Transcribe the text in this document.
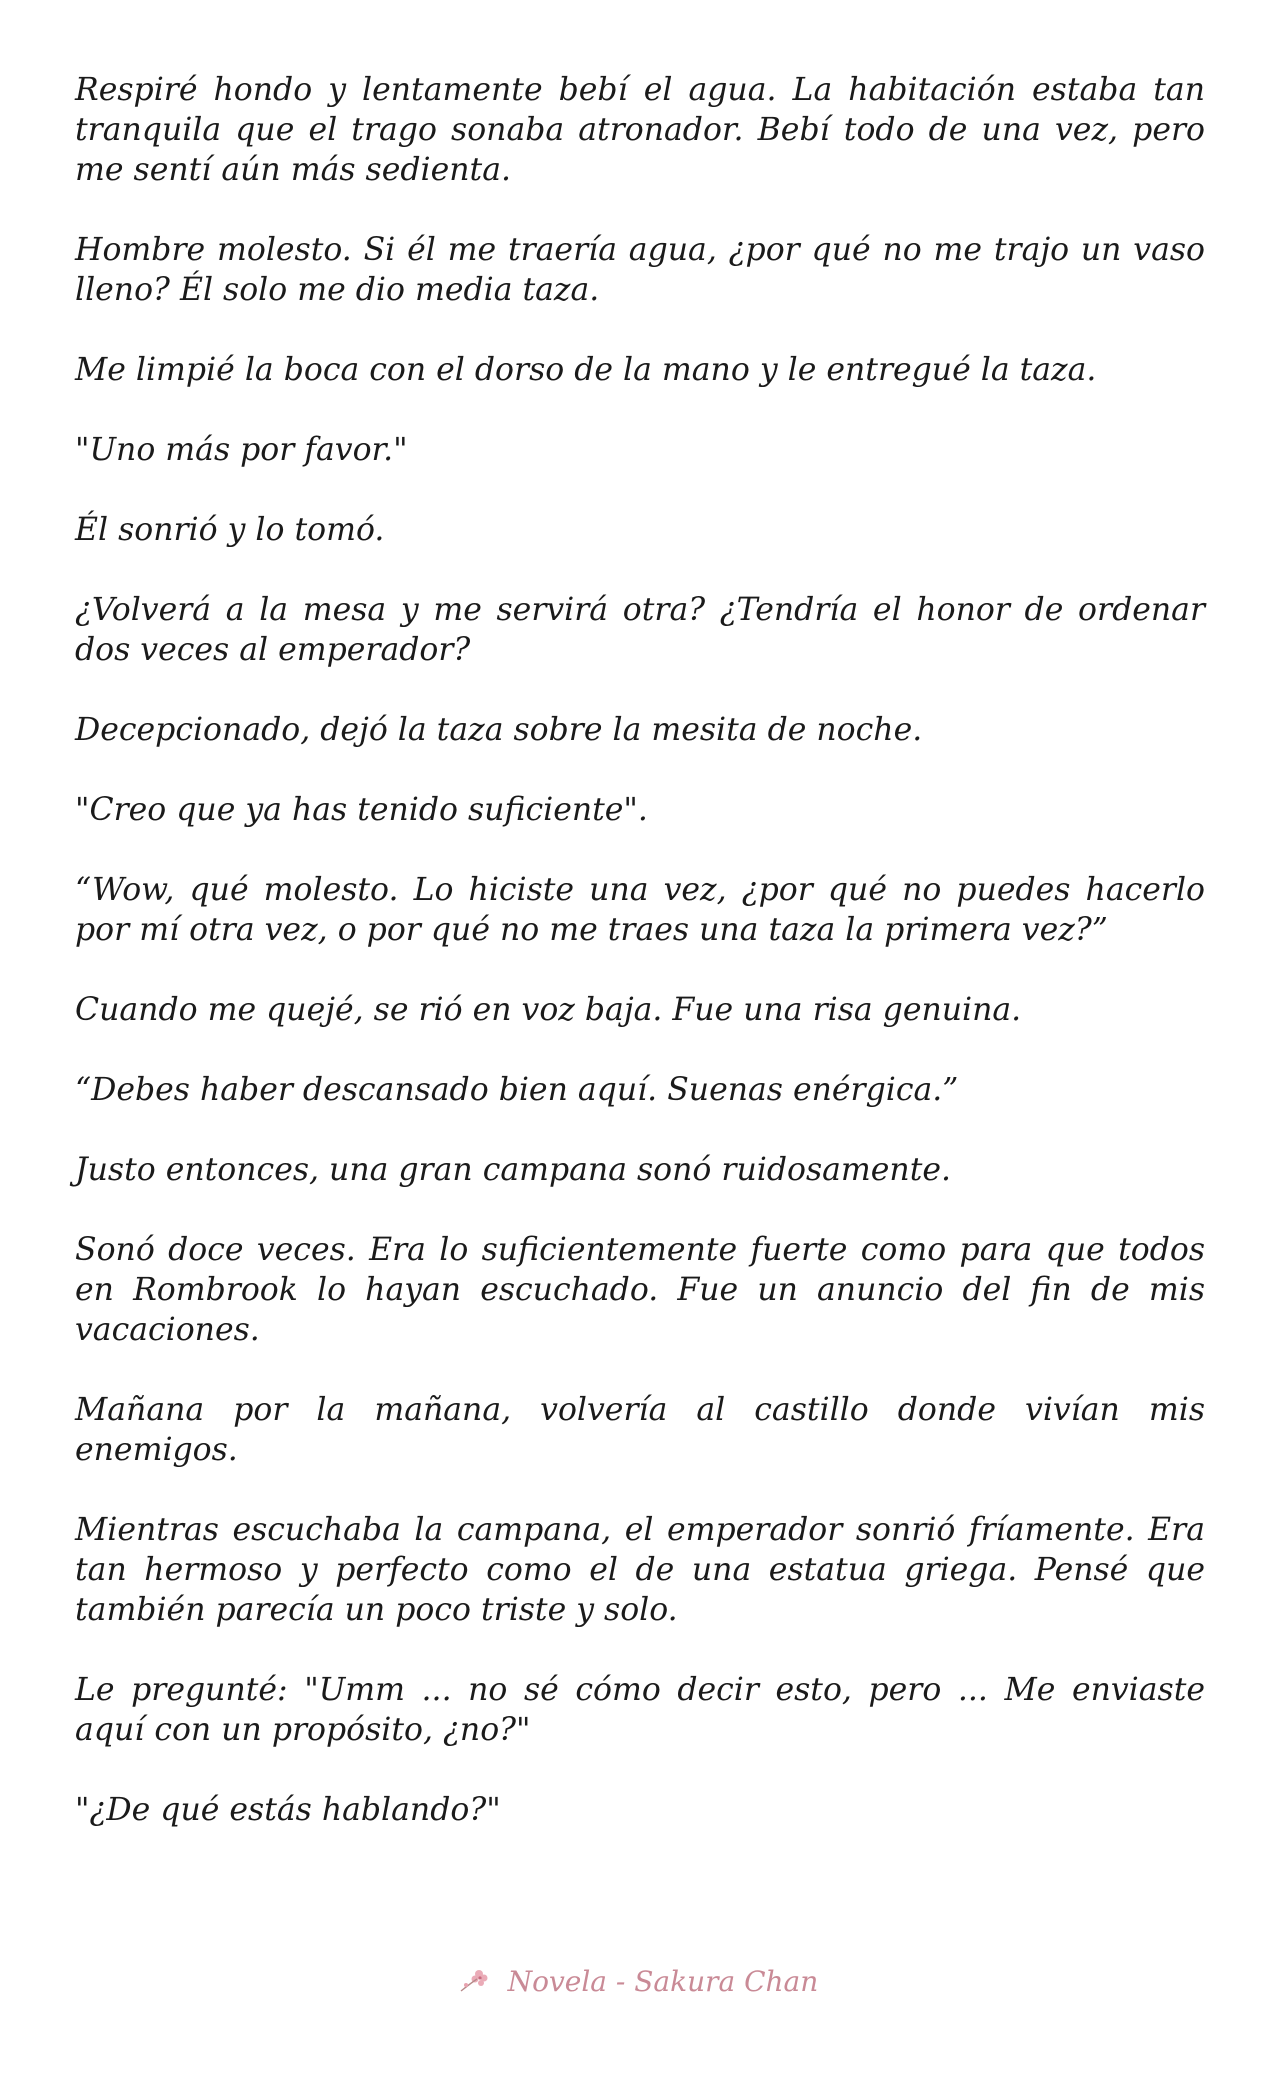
Respiré hondo y lentamente bebí el agua. La habitación estaba tan tranquila que el trago sonaba atronador. Bebí todo de una vez, pero me sentí aún más sedienta.

Hombre molesto. Si él me traería agua, ¿por qué no me trajo un vaso lleno? Él solo me dio media taza.

Me limpié la boca con el dorso de la mano y le entregué la taza.

"Uno más por favor."

Él sonrió y lo tomó.

¿Volverá a la mesa y me servirá otra? ¿Tendría el honor de ordenar dos veces al emperador?

Decepcionado, dejó la taza sobre la mesita de noche.

"Creo que ya has tenido suficiente".

“Wow, qué molesto. Lo hiciste una vez, ¿por qué no puedes hacerlo por mí otra vez, o por qué no me traes una taza la primera vez?”

Cuando me quejé, se rió en voz baja. Fue una risa genuina.

“Debes haber descansado bien aquí. Suenas enérgica.”

Justo entonces, una gran campana sonó ruidosamente.

Sonó doce veces. Era lo suficientemente fuerte como para que todos en Rombrook lo hayan escuchado. Fue un anuncio del fin de mis vacaciones.

Mañana por la mañana, volvería al castillo donde vivían mis enemigos.

Mientras escuchaba la campana, el emperador sonrió fríamente. Era tan hermoso y perfecto como el de una estatua griega. Pensé que también parecía un poco triste y solo.

Le pregunté: "Umm ... no sé cómo decir esto, pero ... Me enviaste aquí con un propósito, ¿no?"

"¿De qué estás hablando?"

Novela - Sakura Chan
